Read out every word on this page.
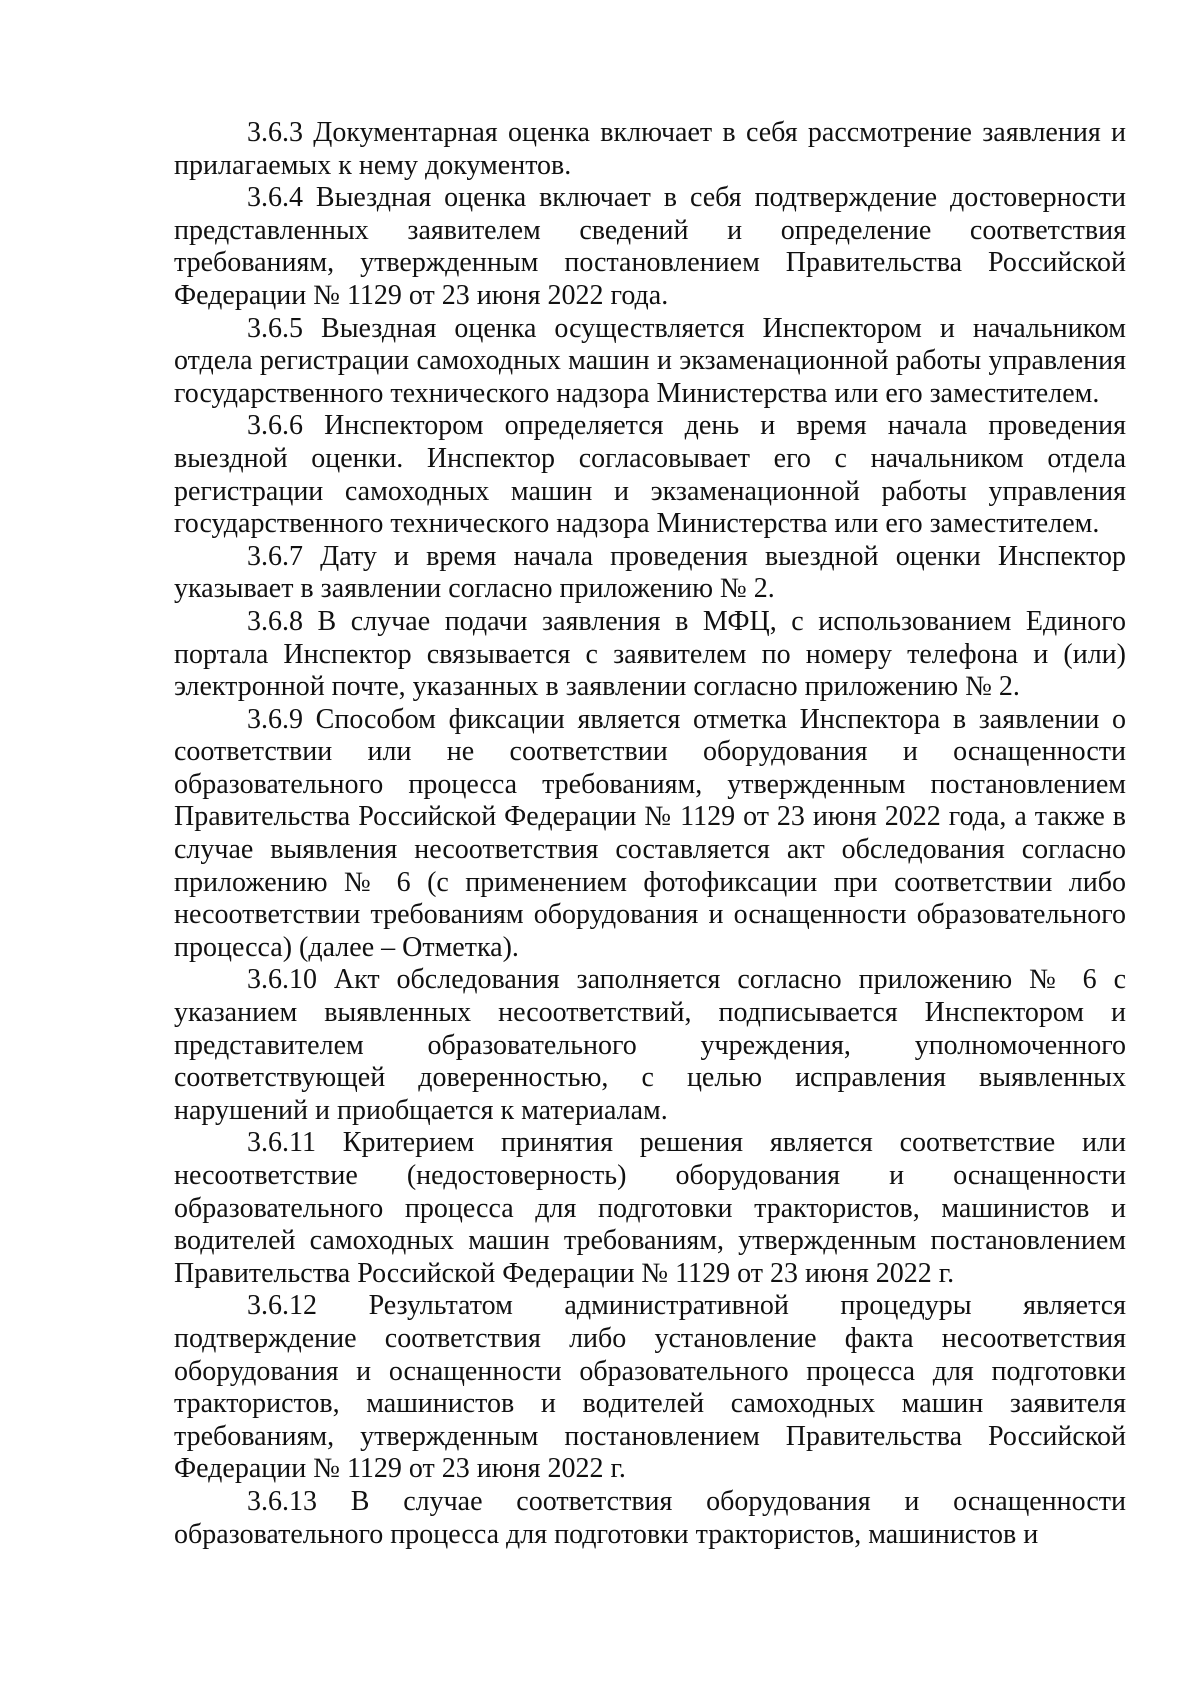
3.6.3 Документарная оценка включает в себя рассмотрение заявления и прилагаемых к нему документов.

3.6.4 Выездная оценка включает в себя подтверждение достоверности представленных заявителем сведений и определение соответствия требованиям, утвержденным постановлением Правительства Российской Федерации № 1129 от 23 июня 2022 года.

3.6.5 Выездная оценка осуществляется Инспектором и начальником отдела регистрации самоходных машин и экзаменационной работы управления государственного технического надзора Министерства или его заместителем.

3.6.6 Инспектором определяется день и время начала проведения выездной оценки. Инспектор согласовывает его с начальником отдела регистрации самоходных машин и экзаменационной работы управления государственного технического надзора Министерства или его заместителем.

3.6.7 Дату и время начала проведения выездной оценки Инспектор указывает в заявлении согласно приложению № 2.

3.6.8 В случае подачи заявления в МФЦ, с использованием Единого портала Инспектор связывается с заявителем по номеру телефона и (или) электронной почте, указанных в заявлении согласно приложению № 2.

3.6.9 Способом фиксации является отметка Инспектора в заявлении о соответствии или не соответствии оборудования и оснащенности образовательного процесса требованиям, утвержденным постановлением Правительства Российской Федерации № 1129 от 23 июня 2022 года, а также в случае выявления несоответствия составляется акт обследования согласно приложению № 6 (с применением фотофиксации при соответствии либо несоответствии требованиям оборудования и оснащенности образовательного процесса) (далее – Отметка).

3.6.10 Акт обследования заполняется согласно приложению № 6 с указанием выявленных несоответствий, подписывается Инспектором и представителем образовательного учреждения, уполномоченного соответствующей доверенностью, с целью исправления выявленных нарушений и приобщается к материалам.

3.6.11 Критерием принятия решения является соответствие или несоответствие (недостоверность) оборудования и оснащенности образовательного процесса для подготовки трактористов, машинистов и водителей самоходных машин требованиям, утвержденным постановлением Правительства Российской Федерации № 1129 от 23 июня 2022 г.

3.6.12 Результатом административной процедуры является подтверждение соответствия либо установление факта несоответствия оборудования и оснащенности образовательного процесса для подготовки трактористов, машинистов и водителей самоходных машин заявителя требованиям, утвержденным постановлением Правительства Российской Федерации № 1129 от 23 июня 2022 г.

3.6.13 В случае соответствия оборудования и оснащенности образовательного процесса для подготовки трактористов, машинистов и
